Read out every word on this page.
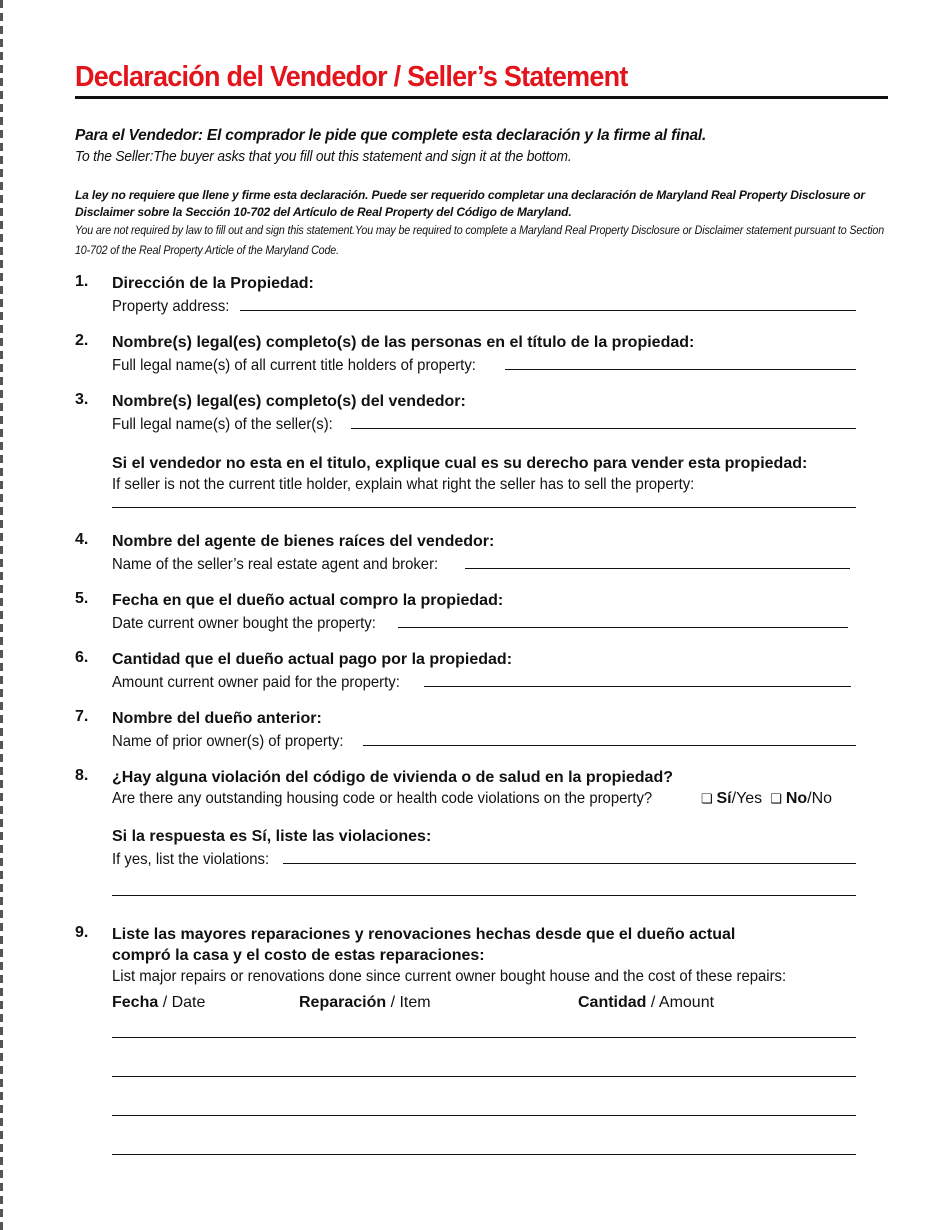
Declaración del Vendedor / Seller’s Statement
Para el Vendedor: El comprador le pide que complete esta declaración y la firme al final.
To the Seller:The buyer asks that you fill out this statement and sign it at the bottom.
La ley no requiere que llene y firme esta declaración. Puede ser requerido completar una declaración de Maryland Real Property Disclosure or Disclaimer sobre la Sección 10-702 del Artículo de Real Property del Código de Maryland.
You are not required by law to fill out and sign this statement.You may be required to complete a Maryland Real Property Disclosure or Disclaimer statement pursuant to Section 10-702 of the Real Property Article of the Maryland Code.
1. Dirección de la Propiedad:
Property address:
2. Nombre(s) legal(es) completo(s) de las personas en el título de la propiedad:
Full legal name(s) of all current title holders of property:
3. Nombre(s) legal(es) completo(s) del vendedor:
Full legal name(s) of the seller(s):
Si el vendedor no esta en el titulo, explique cual es su derecho para vender esta propiedad:
If seller is not the current title holder, explain what right the seller has to sell the property:
4. Nombre del agente de bienes raíces del vendedor:
Name of the seller’s real estate agent and broker:
5. Fecha en que el dueño actual compro la propiedad:
Date current owner bought the property:
6. Cantidad que el dueño actual pago por la propiedad:
Amount current owner paid for the property:
7. Nombre del dueño anterior:
Name of prior owner(s) of property:
8. ¿Hay alguna violación del código de vivienda o de salud en la propiedad?
Are there any outstanding housing code or health code violations on the property?	❏ Sí /Yes ❏ No /No
Si la respuesta es Sí, liste las violaciones:
If yes, list the violations:
9. Liste las mayores reparaciones y renovaciones hechas desde que el dueño actual
compró la casa y el costo de estas reparaciones:
List major repairs or renovations done since current owner bought house and the cost of these repairs:
Fecha / Date	Reparación / Item	Cantidad / Amount
